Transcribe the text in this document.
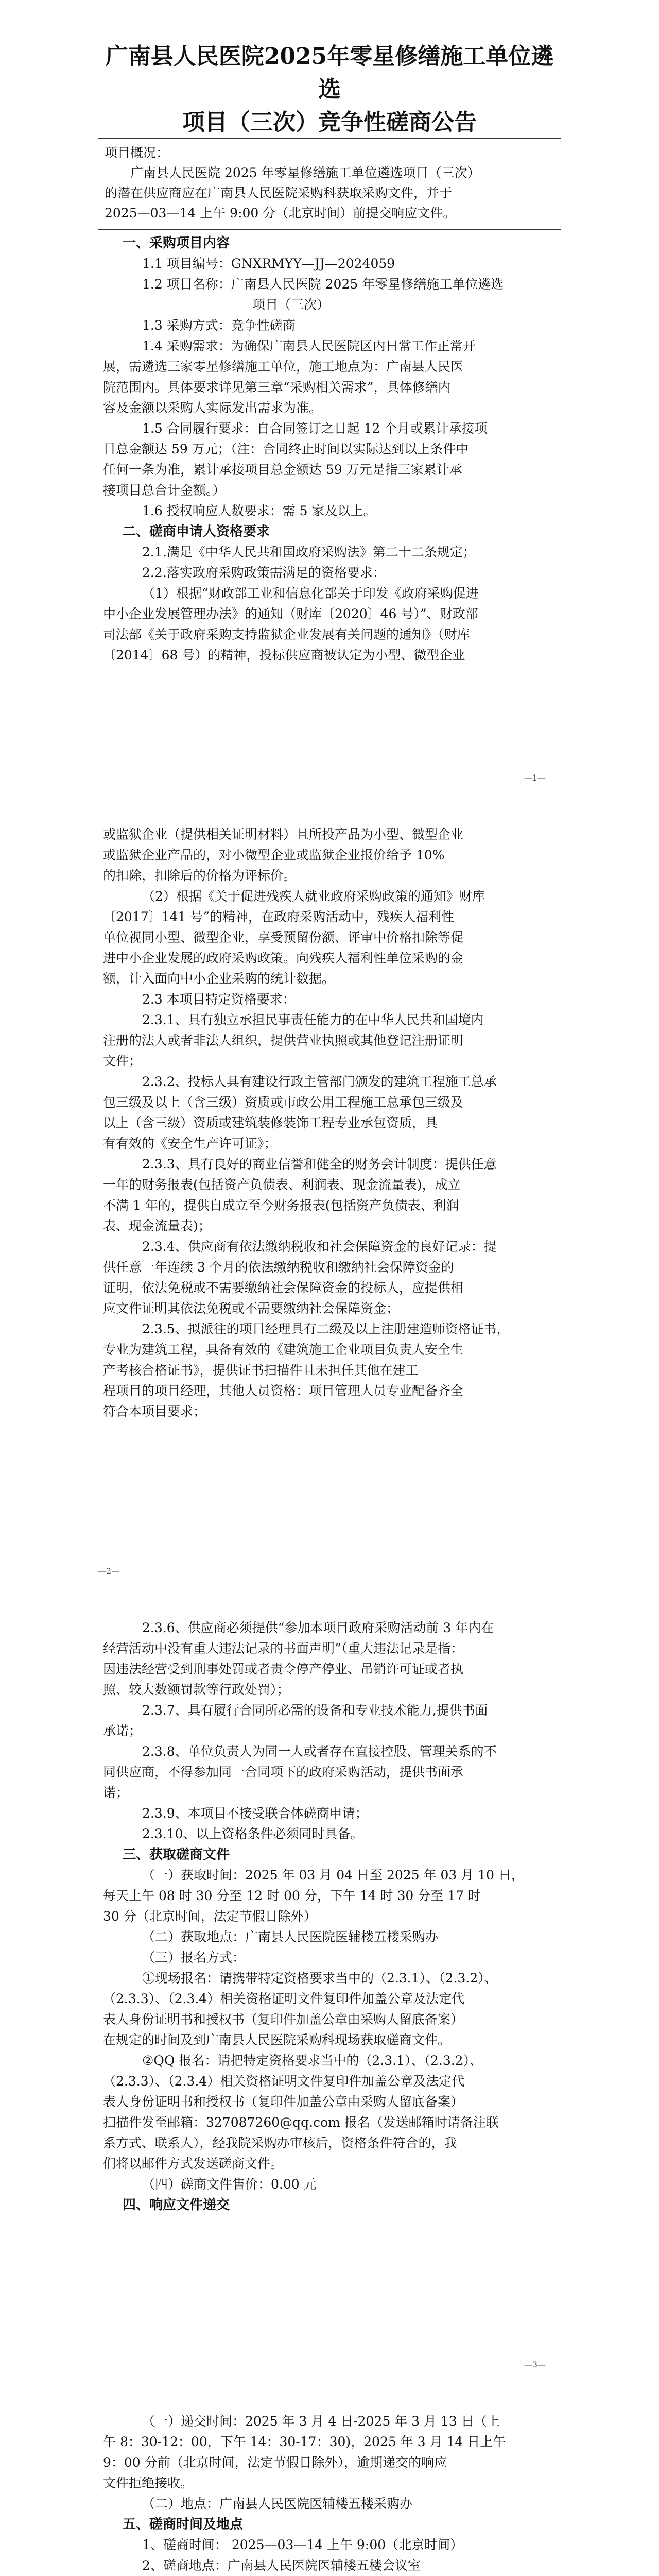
广南县人民医院2025年零星修缮施工单位遴选
项目（三次）竞争性磋商公告
项目概况：
广南县人民医院 2025 年零星修缮施工单位遴选项目（三次）
的潜在供应商应在广南县人民医院采购科获取采购文件，并于
2025—03—14 上午 9:00 分（北京时间）前提交响应文件。
一、采购项目内容
1.1 项目编号：GNXRMYY—JJ—2024059
1.2 项目名称：广南县人民医院 2025 年零星修缮施工单位遴选
项目（三次）
1.3 采购方式：竞争性磋商
1.4 采购需求：为确保广南县人民医院区内日常工作正常开
展，需遴选三家零星修缮施工单位，施工地点为：广南县人民医
院范围内。具体要求详见第三章“采购相关需求”，具体修缮内
容及金额以采购人实际发出需求为准。
1.5 合同履行要求：自合同签订之日起 12 个月或累计承接项
目总金额达 59 万元；（注：合同终止时间以实际达到以上条件中
任何一条为准，累计承接项目总金额达 59 万元是指三家累计承
接项目总合计金额。）
1.6 授权响应人数要求：需 5 家及以上。
二、磋商申请人资格要求
2.1.满足《中华人民共和国政府采购法》第二十二条规定；
2.2.落实政府采购政策需满足的资格要求：
（1）根据“财政部工业和信息化部关于印发《政府采购促进
中小企业发展管理办法》的通知（财库〔2020〕46 号）”、财政部
司法部《关于政府采购支持监狱企业发展有关问题的通知》（财库
〔2014〕68 号）的精神，投标供应商被认定为小型、微型企业
—1—
或监狱企业（提供相关证明材料）且所投产品为小型、微型企业
或监狱企业产品的，对小微型企业或监狱企业报价给予 10%
的扣除，扣除后的价格为评标价。
（2）根据《关于促进残疾人就业政府采购政策的通知》财库
〔2017〕141 号”的精神，在政府采购活动中，残疾人福利性
单位视同小型、微型企业，享受预留份额、评审中价格扣除等促
进中小企业发展的政府采购政策。向残疾人福利性单位采购的金
额，计入面向中小企业采购的统计数据。
2.3 本项目特定资格要求：
2.3.1、具有独立承担民事责任能力的在中华人民共和国境内
注册的法人或者非法人组织，提供营业执照或其他登记注册证明
文件；
2.3.2、投标人具有建设行政主管部门颁发的建筑工程施工总承
包三级及以上（含三级）资质或市政公用工程施工总承包三级及
以上（含三级）资质或建筑装修装饰工程专业承包资质，具
有有效的《安全生产许可证》；
2.3.3、具有良好的商业信誉和健全的财务会计制度：提供任意
一年的财务报表(包括资产负债表、利润表、现金流量表)，成立
不满 1 年的，提供自成立至今财务报表(包括资产负债表、利润
表、现金流量表)；
2.3.4、供应商有依法缴纳税收和社会保障资金的良好记录：提
供任意一年连续 3 个月的依法缴纳税收和缴纳社会保障资金的
证明，依法免税或不需要缴纳社会保障资金的投标人，应提供相
应文件证明其依法免税或不需要缴纳社会保障资金；
2.3.5、拟派往的项目经理具有二级及以上注册建造师资格证书，
专业为建筑工程，具备有效的《建筑施工企业项目负责人安全生
产考核合格证书》，提供证书扫描件且未担任其他在建工
程项目的项目经理，其他人员资格：项目管理人员专业配备齐全
符合本项目要求；
—2—
2.3.6、供应商必须提供“参加本项目政府采购活动前 3 年内在
经营活动中没有重大违法记录的书面声明”（重大违法记录是指：
因违法经营受到刑事处罚或者责令停产停业、吊销许可证或者执
照、较大数额罚款等行政处罚）；
2.3.7、具有履行合同所必需的设备和专业技术能力,提供书面
承诺；
2.3.8、单位负责人为同一人或者存在直接控股、管理关系的不
同供应商，不得参加同一合同项下的政府采购活动，提供书面承
诺；
2.3.9、本项目不接受联合体磋商申请；
2.3.10、以上资格条件必须同时具备。
三、获取磋商文件
（一）获取时间：2025 年 03 月 04 日至 2025 年 03 月 10 日，
每天上午 08 时 30 分至 12 时 00 分，下午 14 时 30 分至 17 时
30 分（北京时间，法定节假日除外）
（二）获取地点：广南县人民医院医辅楼五楼采购办
（三）报名方式：
①现场报名：请携带特定资格要求当中的（2.3.1）、（2.3.2）、
（2.3.3）、（2.3.4）相关资格证明文件复印件加盖公章及法定代
表人身份证明书和授权书（复印件加盖公章由采购人留底备案）
在规定的时间及到广南县人民医院采购科现场获取磋商文件。
②QQ 报名：请把特定资格要求当中的（2.3.1）、（2.3.2）、
（2.3.3）、（2.3.4）相关资格证明文件复印件加盖公章及法定代
表人身份证明书和授权书（复印件加盖公章由采购人留底备案）
扫描件发至邮箱：327087260@qq.com 报名（发送邮箱时请备注联
系方式、联系人），经我院采购办审核后，资格条件符合的，我
们将以邮件方式发送磋商文件。
（四）磋商文件售价：0.00 元
四、响应文件递交
—3—
（一）递交时间：2025 年 3 月 4 日-2025 年 3 月 13 日（上
午 8：30-12：00，下午 14：30-17：30)，2025 年 3 月 14 日上午
9：00 分前（北京时间，法定节假日除外），逾期递交的响应
文件拒绝接收。
（二）地点：广南县人民医院医辅楼五楼采购办
五、磋商时间及地点
1、磋商时间： 2025—03—14 上午 9:00（北京时间）
2、磋商地点：广南县人民医院医辅楼五楼会议室
